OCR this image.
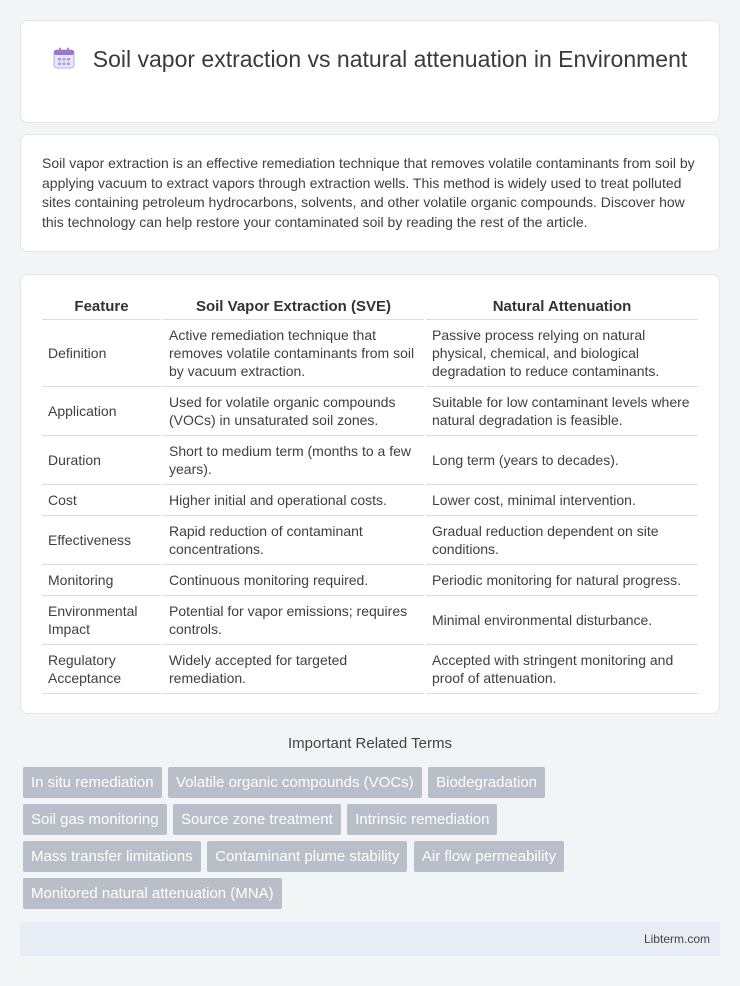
Soil vapor extraction vs natural attenuation in Environment

Soil vapor extraction is an effective remediation technique that removes volatile contaminants from soil by applying vacuum to extract vapors through extraction wells. This method is widely used to treat polluted sites containing petroleum hydrocarbons, solvents, and other volatile organic compounds. Discover how this technology can help restore your contaminated soil by reading the rest of the article.

Feature	Soil Vapor Extraction (SVE)	Natural Attenuation
Definition	Active remediation technique that removes volatile contaminants from soil by vacuum extraction.	Passive process relying on natural physical, chemical, and biological degradation to reduce contaminants.
Application	Used for volatile organic compounds (VOCs) in unsaturated soil zones.	Suitable for low contaminant levels where natural degradation is feasible.
Duration	Short to medium term (months to a few years).	Long term (years to decades).
Cost	Higher initial and operational costs.	Lower cost, minimal intervention.
Effectiveness	Rapid reduction of contaminant concentrations.	Gradual reduction dependent on site conditions.
Monitoring	Continuous monitoring required.	Periodic monitoring for natural progress.
Environmental Impact	Potential for vapor emissions; requires controls.	Minimal environmental disturbance.
Regulatory Acceptance	Widely accepted for targeted remediation.	Accepted with stringent monitoring and proof of attenuation.
Important Related Terms
In situ remediation Volatile organic compounds (VOCs) Biodegradation Soil gas monitoring Source zone treatment Intrinsic remediation Mass transfer limitations Contaminant plume stability Air flow permeability Monitored natural attenuation (MNA)
Libterm.com
